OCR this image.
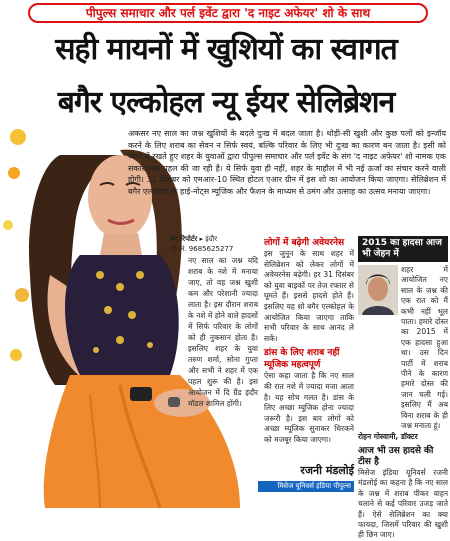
पीपुल्स समाचार और पर्ल इवेंट द्वारा 'द नाइट अफेयर' शो के साथ
सही मायनों में खुशियों का स्वागत
बगैर एल्कोहल न्यू ईयर सेलिब्रेशन
अकसर नए साल का जश्न खुशियों के बदले दुःख में बदल जाता है। थोड़ी-सी खुशी और कुछ पलों को इन्जॉय करने के लिए शराब का सेवन न सिर्फ स्वयं, बल्कि परिवार के लिए भी दुःख का कारण बन जाता है। इसी को ध्यान में रखते हुए शहर के युवाओं द्वारा पीपुल्स समाचार और पर्ल इवेंट के संग 'द नाइट अफेयर' शो नामक एक सकारात्मक पहल की जा रही है। ये सिर्फ युवा ही नहीं, शहर के माहौल में भी नई ऊर्जा का संचार करने वाली होगी। 31 दिसंबर को एमआर-10 स्थित होटल एआर ग्रीन में इस शो का आयोजन किया जाएगा। सेलिब्रेशन में बगैर एल्कोहल के हाई-नोट्स म्यूजिक और फैशन के माध्यम से उमंग और उत्साह का उत्सव मनाया जाएगा।
यंग रिपोर्टर ▸ इंदौर
मो. नं. 9685625277
नए साल का जश्न यदि शराब के नशे में मनाया जाए, तो वह जश्न खुशी कम और परेशानी ज्यादा लाता है। इस दौरान शराब के नशे में होने वाले हादसों में सिर्फ परिवार के लोगों को ही नुकसान होता है। इसलिए शहर के युवा तरुण शर्मा, सोना गुप्ता और सभी ने शहर में एक पहल शुरू की है। इस आयोजन में दि ग्रैंड इंदौर मॉडल शामिल होंगी।
लोगों में बढ़ेगी अवेयरनेस

इस जुनून के साथ शहर में सेलिब्रेशन को लेकर लोगों में अवेयरनेस बढ़ेगी। हर 31 दिसंबर को युवा बाइकों पर तेज रफ्तार से घूमते हैं। इससे हादसे होते हैं। इसलिए यह शो बगैर एल्कोहल के आयोजित किया जाएगा ताकि सभी परिवार के साथ आनंद ले सकें।

डांस के लिए शराब नहीं म्यूजिक महत्वपूर्ण

ऐसा कहा जाता है कि नए साल की रात नशे में ज्यादा मजा आता है। यह सोच गलत है। डांस के लिए अच्छा म्यूजिक होना ज्यादा जरूरी है। इस बार लोगों को अच्छा म्यूजिक सुनाकर थिरकने को मजबूर किया जाएगा।

2015 का हादसा आज भी जेहन में
शहर में आयोजित नए साल के जश्न की एक रात को मैं कभी नहीं भूल पाता। हमारे दोस्त का 2015 में एक हादसा हुआ था। उस दिन पार्टी में शराब पीने के कारण हमारे दोस्त की जान चली गई। इसलिए मैं अब बिना शराब के ही जश्न मनाता हूं।
रोहन गोस्वामी, डॉक्टर
आज भी उस हादसे की टीस है
मिसेज इंडिया यूनिवर्स रजनी मंडलोई का कहना है कि नए साल के जश्न में शराब पीकर वाहन चलाने से कई परिवार उजड़ जाते हैं। ऐसे सेलिब्रेशन का क्या फायदा, जिसमें परिवार की खुशी ही छिन जाए।
रजनी मंडलोई
मिसेज यूनिवर्स इंडिया पीपुल्स
